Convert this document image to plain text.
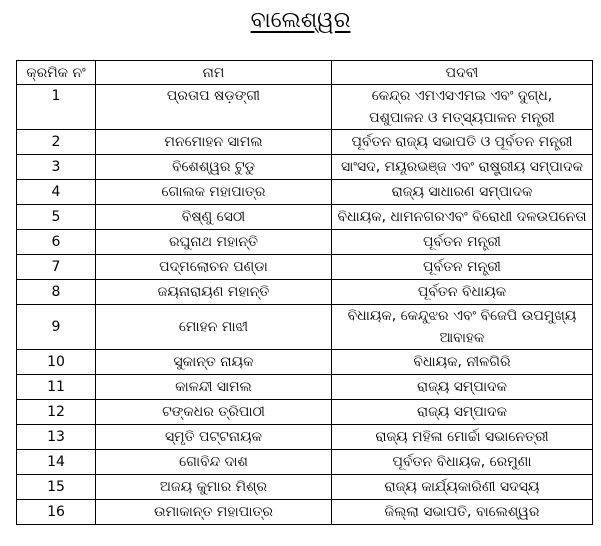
ବାଲେଶ୍ୱର
କ୍ରମିକ ନଂ	ନାମ	ପଦବୀ
1	ପ୍ରତାପ ଷଡ଼ଙ୍ଗୀ	କେନ୍ଦ୍ର ଏମଏସଏମଇ ଏବଂ ଦୁଗ୍ଧ,
ପଶୁପାଳନ ଓ ମତ୍ସ୍ୟପାଳନ ମନ୍ତ୍ରୀ

2	ମନମୋହନ ସାମଲ	ପୂର୍ବତନ ରାଜ୍ୟ ସଭାପତି ଓ ପୂର୍ବତନ ମନ୍ତ୍ରୀ
3	ବିଶେଶ୍ୱର ଟୁଡୁ	ସାଂସଦ, ମୟୂରଭଞ୍ଜ ଏବଂ ରାଷ୍ଟ୍ରୀୟ ସମ୍ପାଦକ
4	ଗୋଲକ ମହାପାତ୍ର	ରାଜ୍ୟ ସାଧାରଣ ସମ୍ପାଦକ
5	ବିଷ୍ଣୁ ସେଠୀ	ବିଧାୟକ, ଧାମନଗରଏବଂ ବିରୋଧୀ ଦଳଉପନେତା
6	ରଘୁନାଥ ମହାନ୍ତି	ପୂର୍ବତନ ମନ୍ତ୍ରୀ
7	ପଦ୍ମଲୋଚନ ପଣ୍ଡା	ପୂର୍ବତନ ମନ୍ତ୍ରୀ
8	ଜୟନାରାୟଣ ମହାନ୍ତି	ପୂର୍ବତନ ବିଧାୟକ
9	ମୋହନ ମାଝୀ	ବିଧାୟକ, କେନ୍ଦୁଝର ଏବଂ ବିଜେପି ଉପମୁଖ୍ୟ ଆବାହକ
10	ସୁକାନ୍ତ ନାୟକ	ବିଧାୟକ, ନୀଳଗିରି
11	କାଳନ୍ଦୀ ସାମଲ	ରାଜ୍ୟ ସମ୍ପାଦକ
12	ଟଙ୍କଧର ତ୍ରିପାଠୀ	ରାଜ୍ୟ ସମ୍ପାଦକ
13	ସ୍ମୃତି ପଟ୍ଟନାୟକ	ରାଜ୍ୟ ମହିଳା ମୋର୍ଚ୍ଚା ସଭାନେତ୍ରୀ
14	ଗୋବିନ୍ଦ ଦାଶ	ପୂର୍ବତନ ବିଧାୟକ, ରେମୁଣା
15	ଅଜୟ କୁମାର ମିଶ୍ର	ରାଜ୍ୟ କାର୍ଯ୍ୟକାରିଣୀ ସଦସ୍ୟ
16	ଉମାକାନ୍ତ ମହାପାତ୍ର	ଜିଲ୍ଲା ସଭାପତି, ବାଲେଶ୍ୱର
